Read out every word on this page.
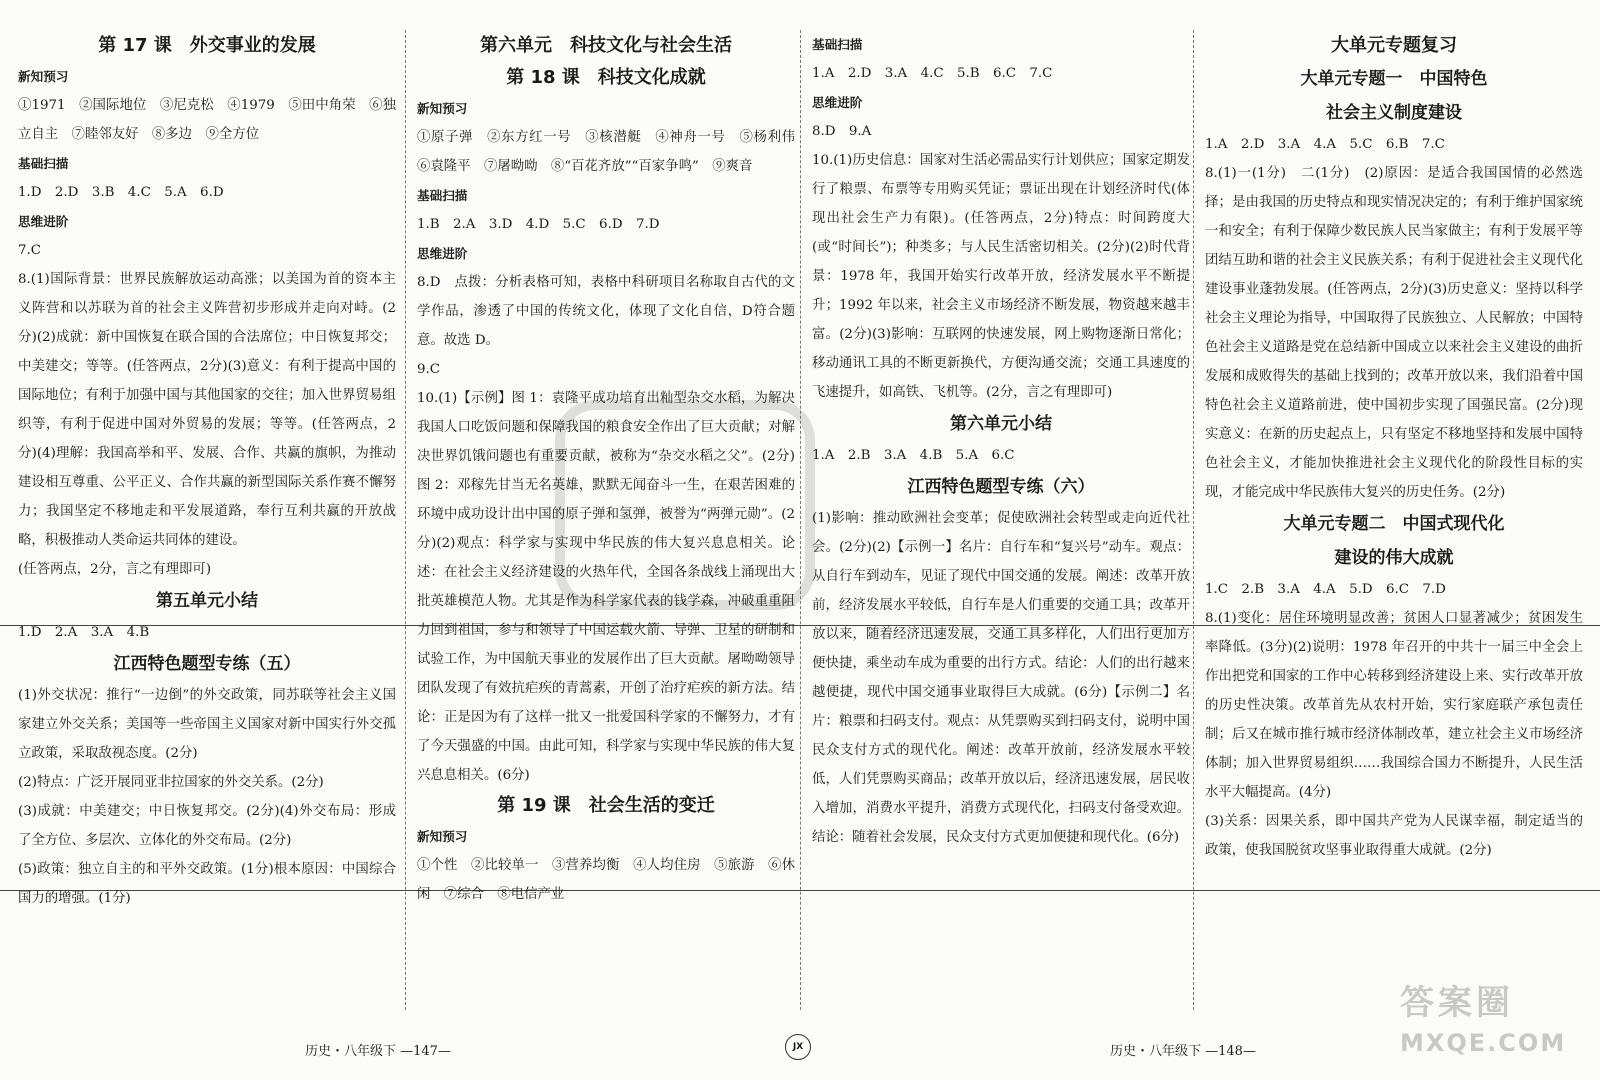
第 17 课　外交事业的发展

新知预习

①1971　②国际地位　③尼克松　④1979　⑤田中角荣　⑥独立自主　⑦睦邻友好　⑧多边　⑨全方位

基础扫描

1.D　2.D　3.B　4.C　5.A　6.D

思维进阶

7.C

8.(1)国际背景：世界民族解放运动高涨；以美国为首的资本主义阵营和以苏联为首的社会主义阵营初步形成并走向对峙。(2分)(2)成就：新中国恢复在联合国的合法席位；中日恢复邦交；中美建交；等等。(任答两点，2分)(3)意义：有利于提高中国的国际地位；有利于加强中国与其他国家的交往；加入世界贸易组织等，有利于促进中国对外贸易的发展；等等。(任答两点，2分)(4)理解：我国高举和平、发展、合作、共赢的旗帜，为推动建设相互尊重、公平正义、合作共赢的新型国际关系作赛不懈努力；我国坚定不移地走和平发展道路，奉行互利共赢的开放战略，积极推动人类命运共同体的建设。

(任答两点，2分，言之有理即可)

第五单元小结

1.D　2.A　3.A　4.B

江西特色题型专练（五）

(1)外交状况：推行“一边倒”的外交政策，同苏联等社会主义国家建立外交关系；美国等一些帝国主义国家对新中国实行外交孤立政策，采取敌视态度。(2分)
(2)特点：广泛开展同亚非拉国家的外交关系。(2分)
(3)成就：中美建交；中日恢复邦交。(2分)(4)外交布局：形成了全方位、多层次、立体化的外交布局。(2分)
(5)政策：独立自主的和平外交政策。(1分)根本原因：中国综合国力的增强。(1分)

第六单元　科技文化与社会生活

第 18 课　科技文化成就

新知预习

①原子弹　②东方红一号　③核潜艇　④神舟一号　⑤杨利伟　⑥袁隆平　⑦屠呦呦　⑧“百花齐放”“百家争鸣”　⑨爽音

基础扫描

1.B　2.A　3.D　4.D　5.C　6.D　7.D

思维进阶

8.D　点拨：分析表格可知，表格中科研项目名称取自古代的文学作品，渗透了中国的传统文化，体现了文化自信，D符合题意。故选 D。

9.C

10.(1)【示例】图 1：袁隆平成功培育出籼型杂交水稻，为解决我国人口吃饭问题和保障我国的粮食安全作出了巨大贡献；对解决世界饥饿问题也有重要贡献，被称为“杂交水稻之父”。(2分)图 2：邓稼先甘当无名英雄，默默无闻奋斗一生，在艰苦困难的环境中成功设计出中国的原子弹和氢弹，被誉为“两弹元勋”。(2分)(2)观点：科学家与实现中华民族的伟大复兴息息相关。论述：在社会主义经济建设的火热年代，全国各条战线上涌现出大批英雄模范人物。尤其是作为科学家代表的钱学森，冲破重重阻力回到祖国，参与和领导了中国运载火箭、导弹、卫星的研制和试验工作，为中国航天事业的发展作出了巨大贡献。屠呦呦领导团队发现了有效抗疟疾的青蒿素，开创了治疗疟疾的新方法。结论：正是因为有了这样一批又一批爱国科学家的不懈努力，才有了今天强盛的中国。由此可知，科学家与实现中华民族的伟大复兴息息相关。(6分)

第 19 课　社会生活的变迁

新知预习

①个性　②比较单一　③营养均衡　④人均住房　⑤旅游　⑥休闲　⑦综合　⑧电信产业

基础扫描

1.A　2.D　3.A　4.C　5.B　6.C　7.C

思维进阶

8.D　9.A

10.(1)历史信息：国家对生活必需品实行计划供应；国家定期发行了粮票、布票等专用购买凭证；票证出现在计划经济时代(体现出社会生产力有限)。(任答两点，2分)特点：时间跨度大(或“时间长”)；种类多；与人民生活密切相关。(2分)(2)时代背景：1978 年，我国开始实行改革开放，经济发展水平不断提升；1992 年以来，社会主义市场经济不断发展，物资越来越丰富。(2分)(3)影响：互联网的快速发展，网上购物逐渐日常化；移动通讯工具的不断更新换代，方便沟通交流；交通工具速度的飞速提升，如高铁、飞机等。(2分，言之有理即可)

第六单元小结

1.A　2.B　3.A　4.B　5.A　6.C

江西特色题型专练（六）

(1)影响：推动欧洲社会变革；促使欧洲社会转型或走向近代社会。(2分)(2)【示例一】名片：自行车和“复兴号”动车。观点：从自行车到动车，见证了现代中国交通的发展。阐述：改革开放前，经济发展水平较低，自行车是人们重要的交通工具；改革开放以来，随着经济迅速发展，交通工具多样化，人们出行更加方便快捷，乘坐动车成为重要的出行方式。结论：人们的出行越来越便捷，现代中国交通事业取得巨大成就。(6分)【示例二】名片：粮票和扫码支付。观点：从凭票购买到扫码支付，说明中国民众支付方式的现代化。阐述：改革开放前，经济发展水平较低，人们凭票购买商品；改革开放以后，经济迅速发展，居民收入增加，消费水平提升，消费方式现代化，扫码支付备受欢迎。结论：随着社会发展，民众支付方式更加便捷和现代化。(6分)

大单元专题复习

大单元专题一　中国特色
社会主义制度建设

1.A　2.D　3.A　4.A　5.C　6.B　7.C

8.(1)一(1分)　二(1分)　(2)原因：是适合我国国情的必然选择；是由我国的历史特点和现实情况决定的；有利于维护国家统一和安全；有利于保障少数民族人民当家做主；有利于发展平等团结互助和谐的社会主义民族关系；有利于促进社会主义现代化建设事业蓬勃发展。(任答两点，2分)(3)历史意义：坚持以科学社会主义理论为指导，中国取得了民族独立、人民解放；中国特色社会主义道路是党在总结新中国成立以来社会主义建设的曲折发展和成败得失的基础上找到的；改革开放以来，我们沿着中国特色社会主义道路前进，使中国初步实现了国强民富。(2分)现实意义：在新的历史起点上，只有坚定不移地坚持和发展中国特色社会主义，才能加快推进社会主义现代化的阶段性目标的实现，才能完成中华民族伟大复兴的历史任务。(2分)

大单元专题二　中国式现代化
建设的伟大成就

1.C　2.B　3.A　4.A　5.D　6.C　7.D

8.(1)变化：居住环境明显改善；贫困人口显著减少；贫困发生率降低。(3分)(2)说明：1978 年召开的中共十一届三中全会上作出把党和国家的工作中心转移到经济建设上来、实行改革开放的历史性决策。改革首先从农村开始，实行家庭联产承包责任制；后又在城市推行城市经济体制改革，建立社会主义市场经济体制；加入世界贸易组织……我国综合国力不断提升，人民生活水平大幅提高。(4分)
(3)关系：因果关系，即中国共产党为人民谋幸福，制定适当的政策，使我国脱贫攻坚事业取得重大成就。(2分)

历史・八年级下 —147—	JX	历史・八年级下 —148—
答案圈
MXQE.COM
